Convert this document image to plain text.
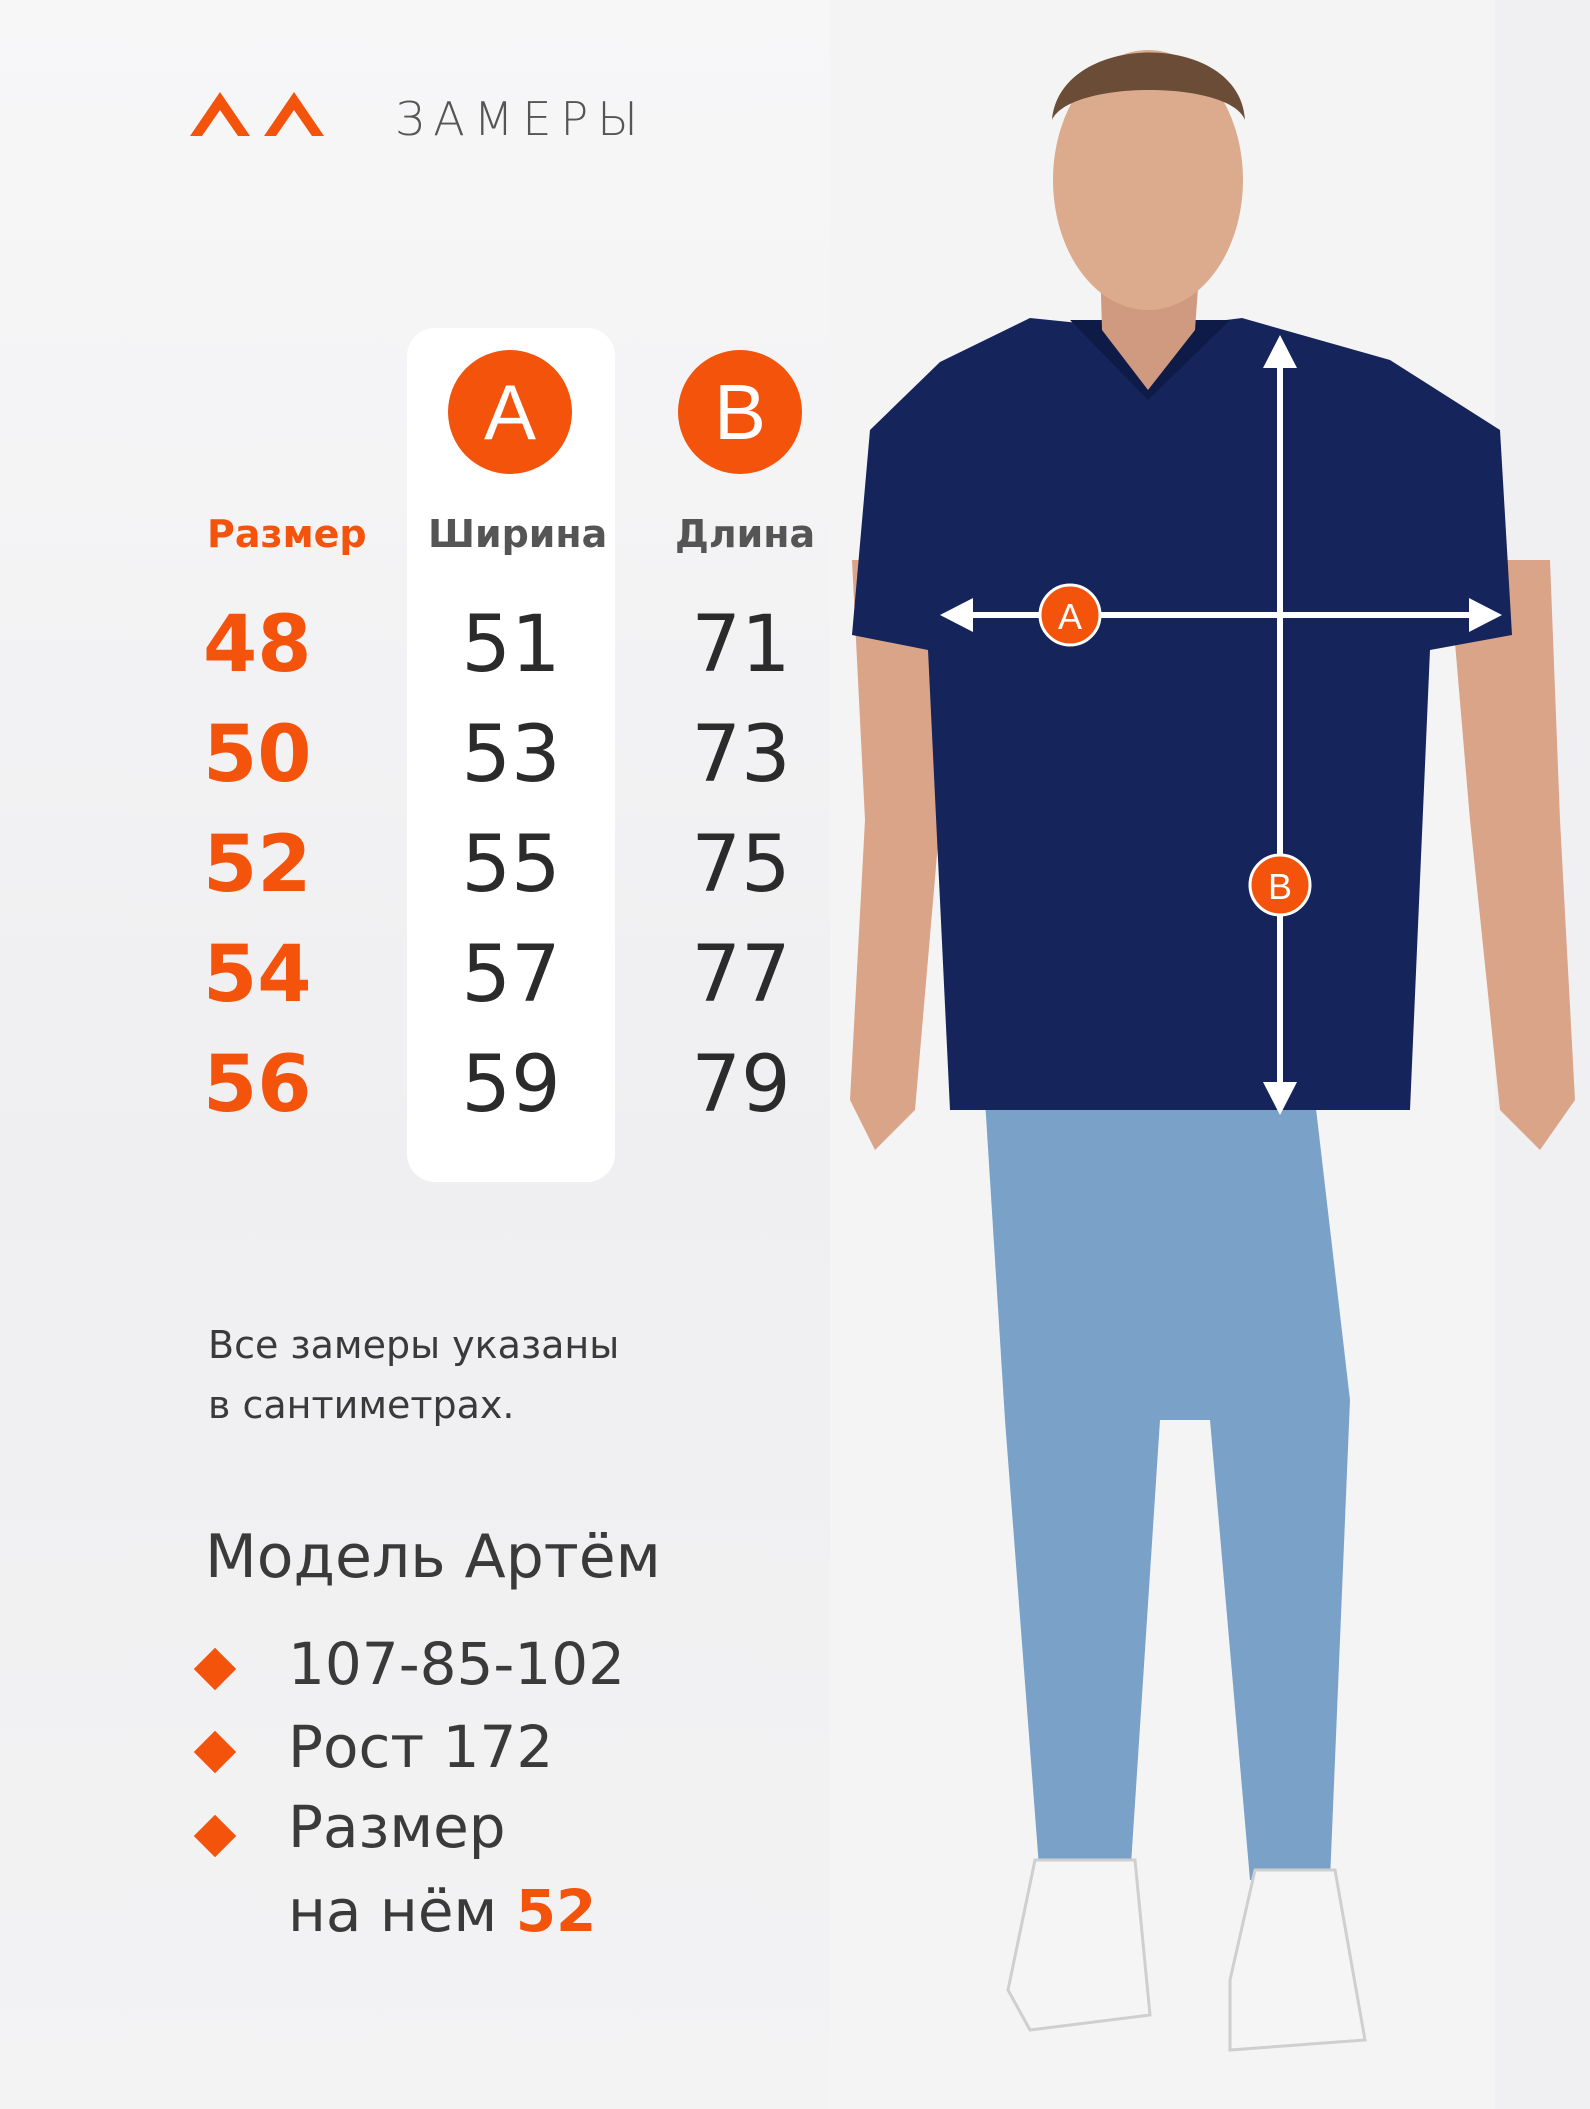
ЗАМЕРЫ
A	B
Размер Ширина Длина
48	51	71
50	53	73
52	55	75
54	57	77
56	59	79
Все замеры указаны
в сантиметрах.
Модель Артём
107-85-102
Рост 172
Размер
на нём 52
A
B
